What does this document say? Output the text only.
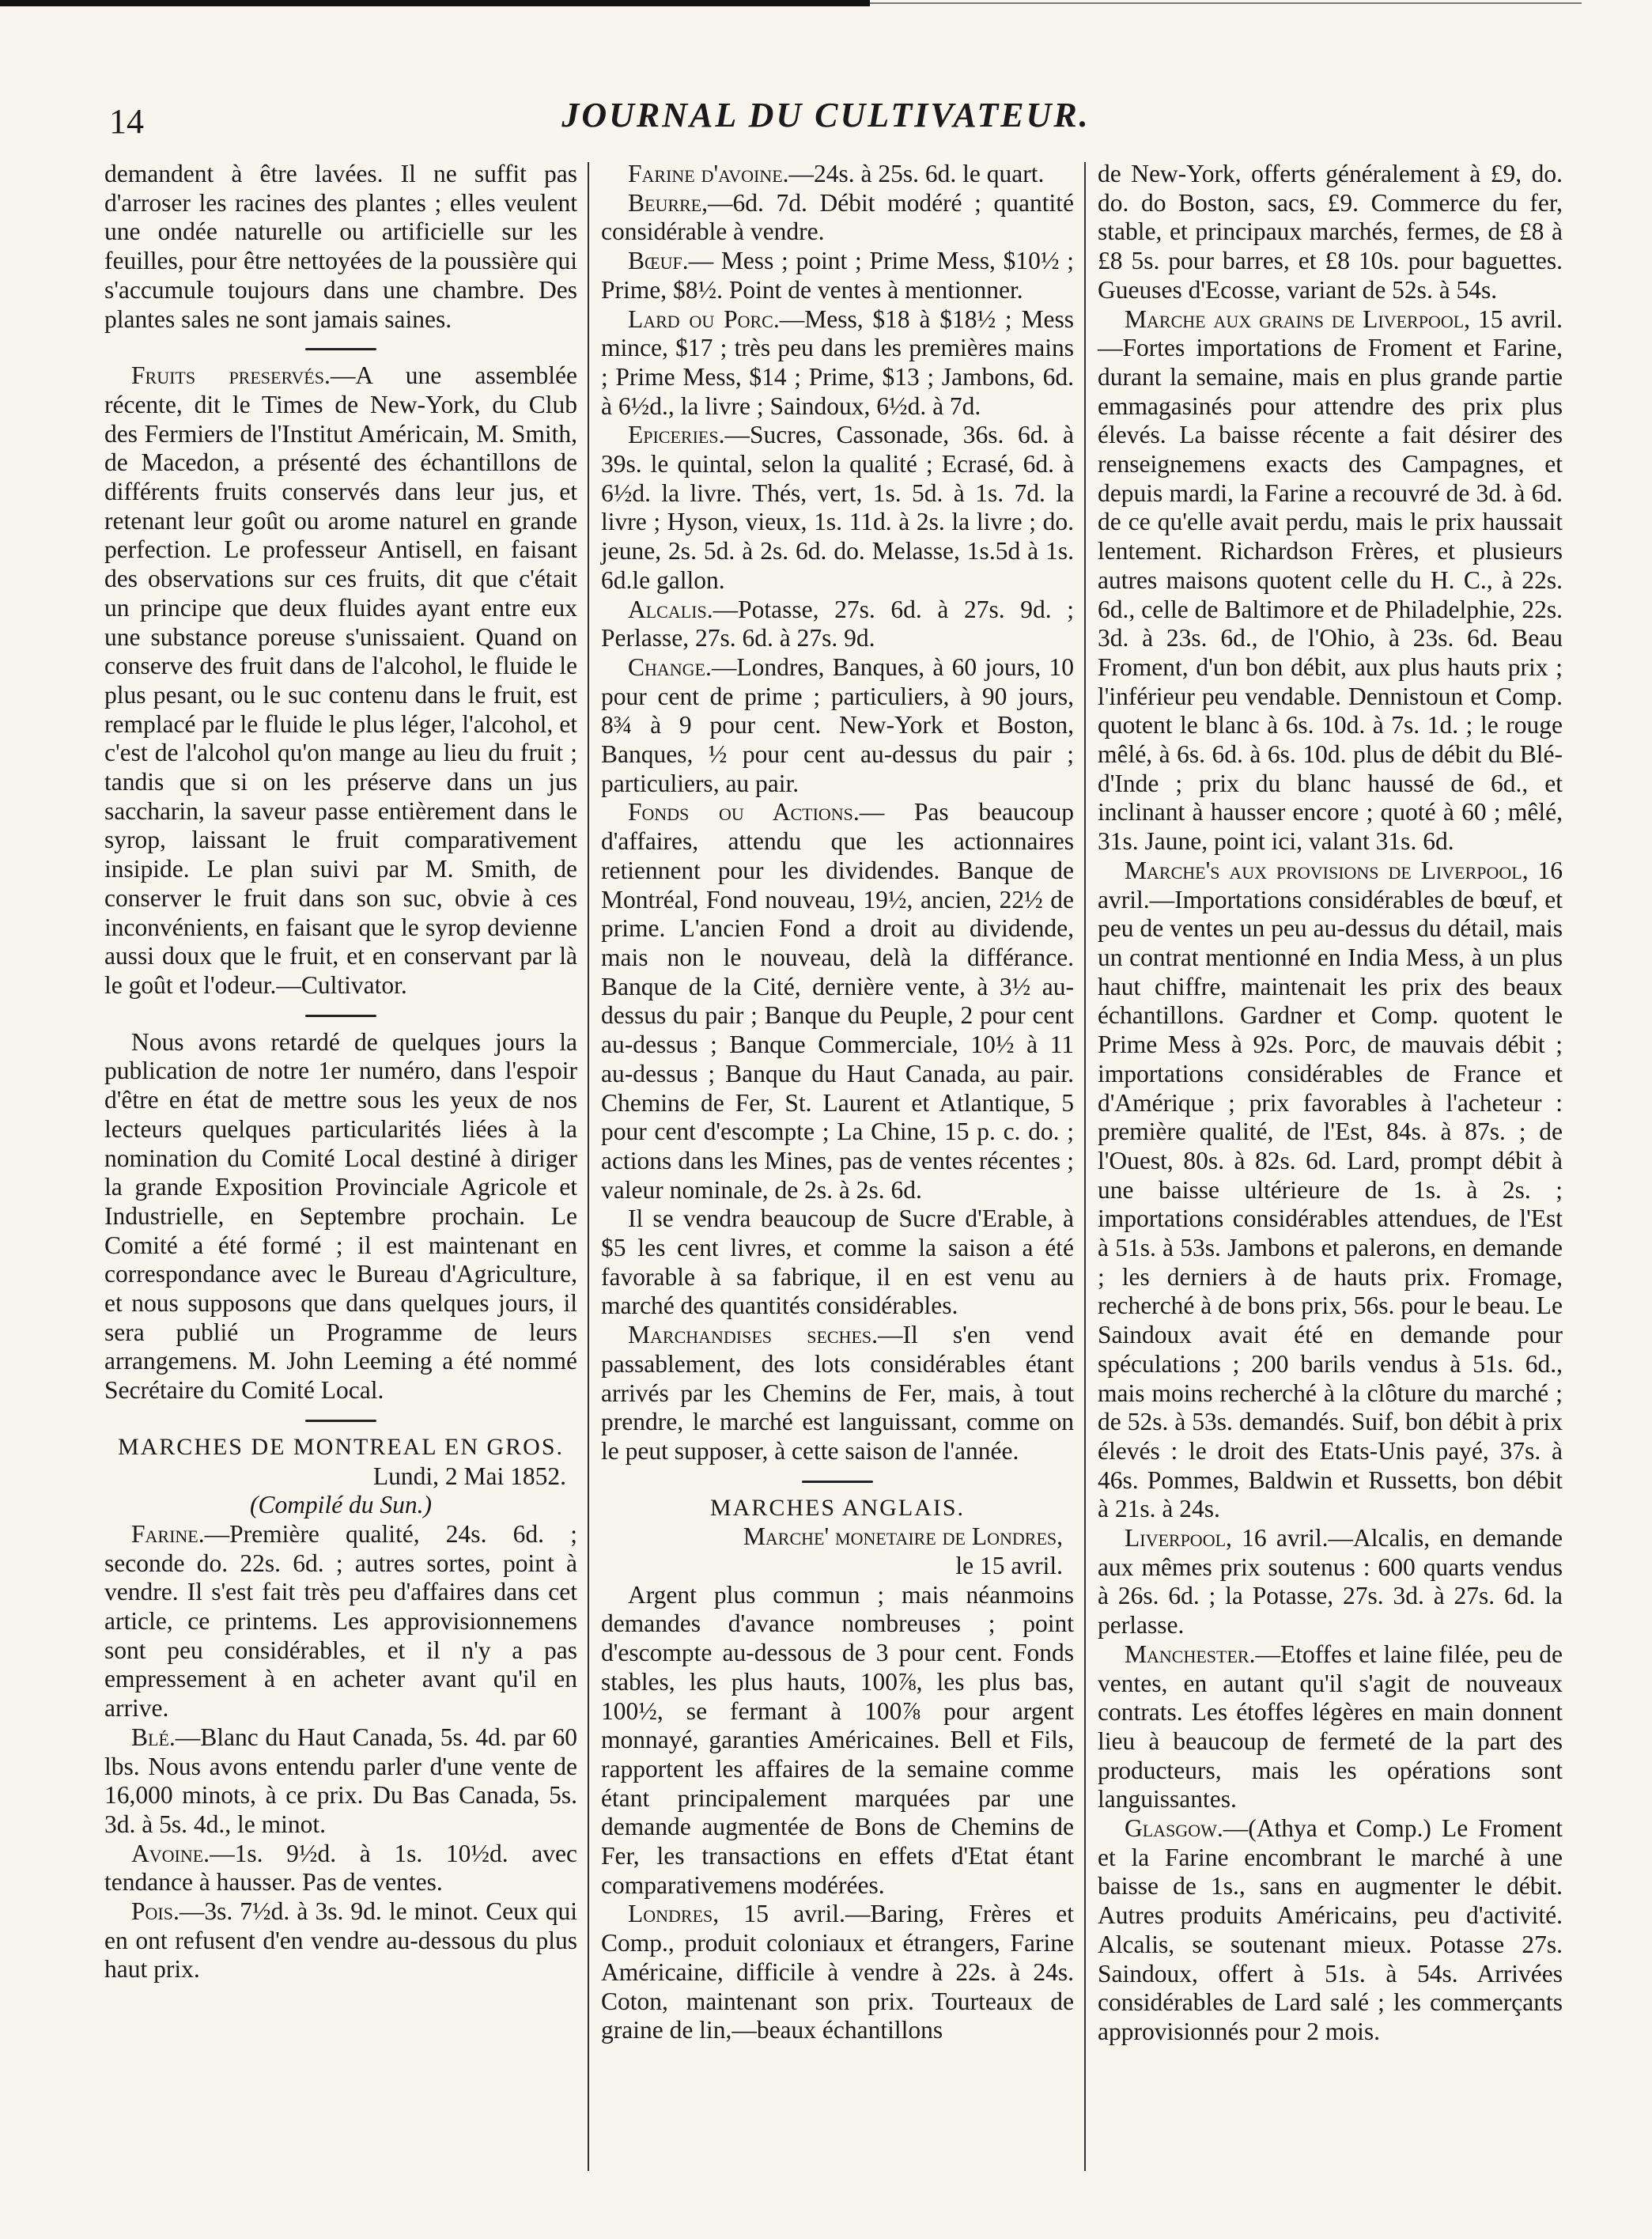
14	JOURNAL DU CULTIVATEUR.

demandent à être lavées. Il ne suffit pas d'arroser les racines des plantes ; elles veulent une ondée naturelle ou artificielle sur les feuilles, pour être nettoyées de la poussière qui s'accumule toujours dans une chambre. Des plantes sales ne sont jamais saines.

Fruits preservés.—A une assemblée récente, dit le Times de New-York, du Club des Fermiers de l'Institut Américain, M. Smith, de Macedon, a présenté des échantillons de différents fruits conservés dans leur jus, et retenant leur goût ou arome naturel en grande perfection. Le professeur Antisell, en faisant des observations sur ces fruits, dit que c'était un principe que deux fluides ayant entre eux une substance poreuse s'unissaient. Quand on conserve des fruit dans de l'alcohol, le fluide le plus pesant, ou le suc contenu dans le fruit, est remplacé par le fluide le plus léger, l'alcohol, et c'est de l'alcohol qu'on mange au lieu du fruit ; tandis que si on les préserve dans un jus saccharin, la saveur passe entièrement dans le syrop, laissant le fruit comparativement insipide. Le plan suivi par M. Smith, de conserver le fruit dans son suc, obvie à ces inconvénients, en faisant que le syrop devienne aussi doux que le fruit, et en conservant par là le goût et l'odeur.—Cultivator.

Nous avons retardé de quelques jours la publication de notre 1er numéro, dans l'espoir d'être en état de mettre sous les yeux de nos lecteurs quelques particularités liées à la nomination du Comité Local destiné à diriger la grande Exposition Provinciale Agricole et Industrielle, en Septembre prochain. Le Comité a été formé ; il est maintenant en correspondance avec le Bureau d'Agriculture, et nous supposons que dans quelques jours, il sera publié un Programme de leurs arrangemens. M. John Leeming a été nommé Secrétaire du Comité Local.

MARCHES DE MONTREAL EN GROS.

Lundi, 2 Mai 1852.

(Compilé du Sun.)

Farine.—Première qualité, 24s. 6d. ; seconde do. 22s. 6d. ; autres sortes, point à vendre. Il s'est fait très peu d'affaires dans cet article, ce printems. Les approvisionnemens sont peu considérables, et il n'y a pas empressement à en acheter avant qu'il en arrive.

Blé.—Blanc du Haut Canada, 5s. 4d. par 60 lbs. Nous avons entendu parler d'une vente de 16,000 minots, à ce prix. Du Bas Canada, 5s. 3d. à 5s. 4d., le minot.

Avoine.—1s. 9½d. à 1s. 10½d. avec tendance à hausser. Pas de ventes.

Pois.—3s. 7½d. à 3s. 9d. le minot. Ceux qui en ont refusent d'en vendre au-dessous du plus haut prix.

Farine d'avoine.—24s. à 25s. 6d. le quart.

Beurre,—6d. 7d. Débit modéré ; quantité considérable à vendre.

Bœuf.— Mess ; point ; Prime Mess, $10½ ; Prime, $8½. Point de ventes à mentionner.

Lard ou Porc.—Mess, $18 à $18½ ; Mess mince, $17 ; très peu dans les premières mains ; Prime Mess, $14 ; Prime, $13 ; Jambons, 6d. à 6½d., la livre ; Saindoux, 6½d. à 7d.

Epiceries.—Sucres, Cassonade, 36s. 6d. à 39s. le quintal, selon la qualité ; Ecrasé, 6d. à 6½d. la livre. Thés, vert, 1s. 5d. à 1s. 7d. la livre ; Hyson, vieux, 1s. 11d. à 2s. la livre ; do. jeune, 2s. 5d. à 2s. 6d. do. Melasse, 1s.5d à 1s. 6d.le gallon.

Alcalis.—Potasse, 27s. 6d. à 27s. 9d. ; Perlasse, 27s. 6d. à 27s. 9d.

Change.—Londres, Banques, à 60 jours, 10 pour cent de prime ; particuliers, à 90 jours, 8¾ à 9 pour cent. New-York et Boston, Banques, ½ pour cent au-dessus du pair ; particuliers, au pair.

Fonds ou Actions.— Pas beaucoup d'affaires, attendu que les actionnaires retiennent pour les dividendes. Banque de Montréal, Fond nouveau, 19½, ancien, 22½ de prime. L'ancien Fond a droit au dividende, mais non le nouveau, delà la différance. Banque de la Cité, dernière vente, à 3½ au-dessus du pair ; Banque du Peuple, 2 pour cent au-dessus ; Banque Commerciale, 10½ à 11 au-dessus ; Banque du Haut Canada, au pair. Chemins de Fer, St. Laurent et Atlantique, 5 pour cent d'escompte ; La Chine, 15 p. c. do. ; actions dans les Mines, pas de ventes récentes ; valeur nominale, de 2s. à 2s. 6d.

Il se vendra beaucoup de Sucre d'Erable, à $5 les cent livres, et comme la saison a été favorable à sa fabrique, il en est venu au marché des quantités considérables.

Marchandises seches.—Il s'en vend passablement, des lots considérables étant arrivés par les Chemins de Fer, mais, à tout prendre, le marché est languissant, comme on le peut supposer, à cette saison de l'année.

MARCHES ANGLAIS.

Marche' monetaire de Londres,

le 15 avril.

Argent plus commun ; mais néanmoins demandes d'avance nombreuses ; point d'escompte au-dessous de 3 pour cent. Fonds stables, les plus hauts, 100⅞, les plus bas, 100½, se fermant à 100⅞ pour argent monnayé, garanties Américaines. Bell et Fils, rapportent les affaires de la semaine comme étant principalement marquées par une demande augmentée de Bons de Chemins de Fer, les transactions en effets d'Etat étant comparativemens modérées.

Londres, 15 avril.—Baring, Frères et Comp., produit coloniaux et étrangers, Farine Américaine, difficile à vendre à 22s. à 24s. Coton, maintenant son prix. Tourteaux de graine de lin,—beaux échantillons

de New-York, offerts généralement à £9, do. do. do Boston, sacs, £9. Commerce du fer, stable, et principaux marchés, fermes, de £8 à £8 5s. pour barres, et £8 10s. pour baguettes. Gueuses d'Ecosse, variant de 52s. à 54s.

Marche aux grains de Liverpool, 15 avril.—Fortes importations de Froment et Farine, durant la semaine, mais en plus grande partie emmagasinés pour attendre des prix plus élevés. La baisse récente a fait désirer des renseignemens exacts des Campagnes, et depuis mardi, la Farine a recouvré de 3d. à 6d. de ce qu'elle avait perdu, mais le prix haussait lentement. Richardson Frères, et plusieurs autres maisons quotent celle du H. C., à 22s. 6d., celle de Baltimore et de Philadelphie, 22s. 3d. à 23s. 6d., de l'Ohio, à 23s. 6d. Beau Froment, d'un bon débit, aux plus hauts prix ; l'inférieur peu vendable. Dennistoun et Comp. quotent le blanc à 6s. 10d. à 7s. 1d. ; le rouge mêlé, à 6s. 6d. à 6s. 10d. plus de débit du Blé-d'Inde ; prix du blanc haussé de 6d., et inclinant à hausser encore ; quoté à 60 ; mêlé, 31s. Jaune, point ici, valant 31s. 6d.

Marche's aux provisions de Liverpool, 16 avril.—Importations considérables de bœuf, et peu de ventes un peu au-dessus du détail, mais un contrat mentionné en India Mess, à un plus haut chiffre, maintenait les prix des beaux échantillons. Gardner et Comp. quotent le Prime Mess à 92s. Porc, de mauvais débit ; importations considérables de France et d'Amérique ; prix favorables à l'acheteur : première qualité, de l'Est, 84s. à 87s. ; de l'Ouest, 80s. à 82s. 6d. Lard, prompt débit à une baisse ultérieure de 1s. à 2s. ; importations considérables attendues, de l'Est à 51s. à 53s. Jambons et palerons, en demande ; les derniers à de hauts prix. Fromage, recherché à de bons prix, 56s. pour le beau. Le Saindoux avait été en demande pour spéculations ; 200 barils vendus à 51s. 6d., mais moins recherché à la clôture du marché ; de 52s. à 53s. demandés. Suif, bon débit à prix élevés : le droit des Etats-Unis payé, 37s. à 46s. Pommes, Baldwin et Russetts, bon débit à 21s. à 24s.

Liverpool, 16 avril.—Alcalis, en demande aux mêmes prix soutenus : 600 quarts vendus à 26s. 6d. ; la Potasse, 27s. 3d. à 27s. 6d. la perlasse.

Manchester.—Etoffes et laine filée, peu de ventes, en autant qu'il s'agit de nouveaux contrats. Les étoffes légères en main donnent lieu à beaucoup de fermeté de la part des producteurs, mais les opérations sont languissantes.

Glasgow.—(Athya et Comp.) Le Froment et la Farine encombrant le marché à une baisse de 1s., sans en augmenter le débit. Autres produits Américains, peu d'activité. Alcalis, se soutenant mieux. Potasse 27s. Saindoux, offert à 51s. à 54s. Arrivées considérables de Lard salé ; les commerçants approvisionnés pour 2 mois.
